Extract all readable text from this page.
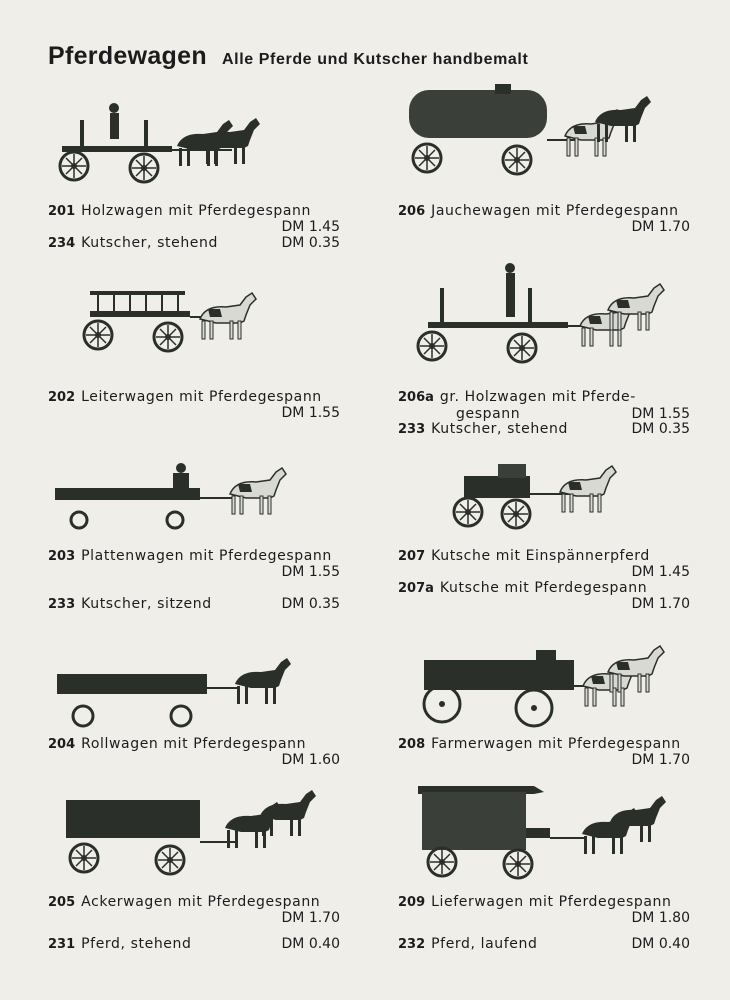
Pferdewagen Alle Pferde und Kutscher handbemalt
201 Holzwagen mit Pferdegespann
DM 1.45
234 Kutscher, stehend	DM 0.35
202 Leiterwagen mit Pferdegespann
DM 1.55
203 Plattenwagen mit Pferdegespann
DM 1.55
233 Kutscher, sitzend	DM 0.35
204 Rollwagen mit Pferdegespann
DM 1.60
205 Ackerwagen mit Pferdegespann
DM 1.70
231 Pferd, stehend	DM 0.40
206 Jauchewagen mit Pferdegespann
DM 1.70
206a gr. Holzwagen mit Pferde-
gespann	DM 1.55
233 Kutscher, stehend	DM 0.35
207 Kutsche mit Einspännerpferd
DM 1.45
207a Kutsche mit Pferdegespann
DM 1.70
208 Farmerwagen mit Pferdegespann
DM 1.70
209 Lieferwagen mit Pferdegespann
DM 1.80
232 Pferd, laufend	DM 0.40
